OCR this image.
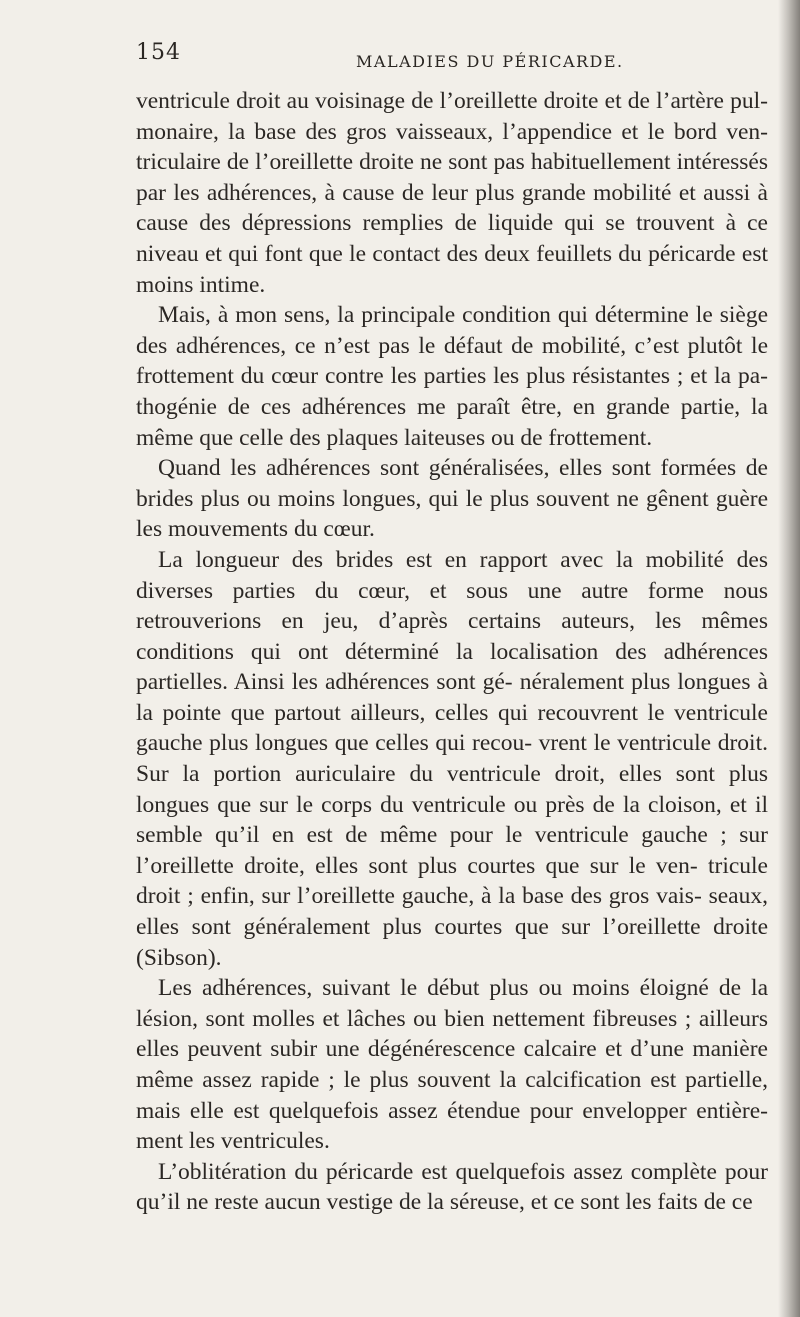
154	MALADIES DU PÉRICARDE.

ventricule droit au voisinage de l’oreillette droite et de l’artère pul- monaire, la base des gros vaisseaux, l’appendice et le bord ven- triculaire de l’oreillette droite ne sont pas habituellement intéressés par les adhérences, à cause de leur plus grande mobilité et aussi à cause des dépressions remplies de liquide qui se trouvent à ce niveau et qui font que le contact des deux feuillets du péricarde est moins intime.

Mais, à mon sens, la principale condition qui détermine le siège des adhérences, ce n’est pas le défaut de mobilité, c’est plutôt le frottement du cœur contre les parties les plus résistantes ; et la pa- thogénie de ces adhérences me paraît être, en grande partie, la même que celle des plaques laiteuses ou de frottement.

Quand les adhérences sont généralisées, elles sont formées de brides plus ou moins longues, qui le plus souvent ne gênent guère les mouvements du cœur.

La longueur des brides est en rapport avec la mobilité des diverses parties du cœur, et sous une autre forme nous retrouverions en jeu, d’après certains auteurs, les mêmes conditions qui ont déterminé la localisation des adhérences partielles. Ainsi les adhérences sont gé- néralement plus longues à la pointe que partout ailleurs, celles qui recouvrent le ventricule gauche plus longues que celles qui recou- vrent le ventricule droit. Sur la portion auriculaire du ventricule droit, elles sont plus longues que sur le corps du ventricule ou près de la cloison, et il semble qu’il en est de même pour le ventricule gauche ; sur l’oreillette droite, elles sont plus courtes que sur le ven- tricule droit ; enfin, sur l’oreillette gauche, à la base des gros vais- seaux, elles sont généralement plus courtes que sur l’oreillette droite (Sibson).

Les adhérences, suivant le début plus ou moins éloigné de la lésion, sont molles et lâches ou bien nettement fibreuses ; ailleurs elles peuvent subir une dégénérescence calcaire et d’une manière même assez rapide ; le plus souvent la calcification est partielle, mais elle est quelquefois assez étendue pour envelopper entière- ment les ventricules.

L’oblitération du péricarde est quelquefois assez complète pour qu’il ne reste aucun vestige de la séreuse, et ce sont les faits de ce
